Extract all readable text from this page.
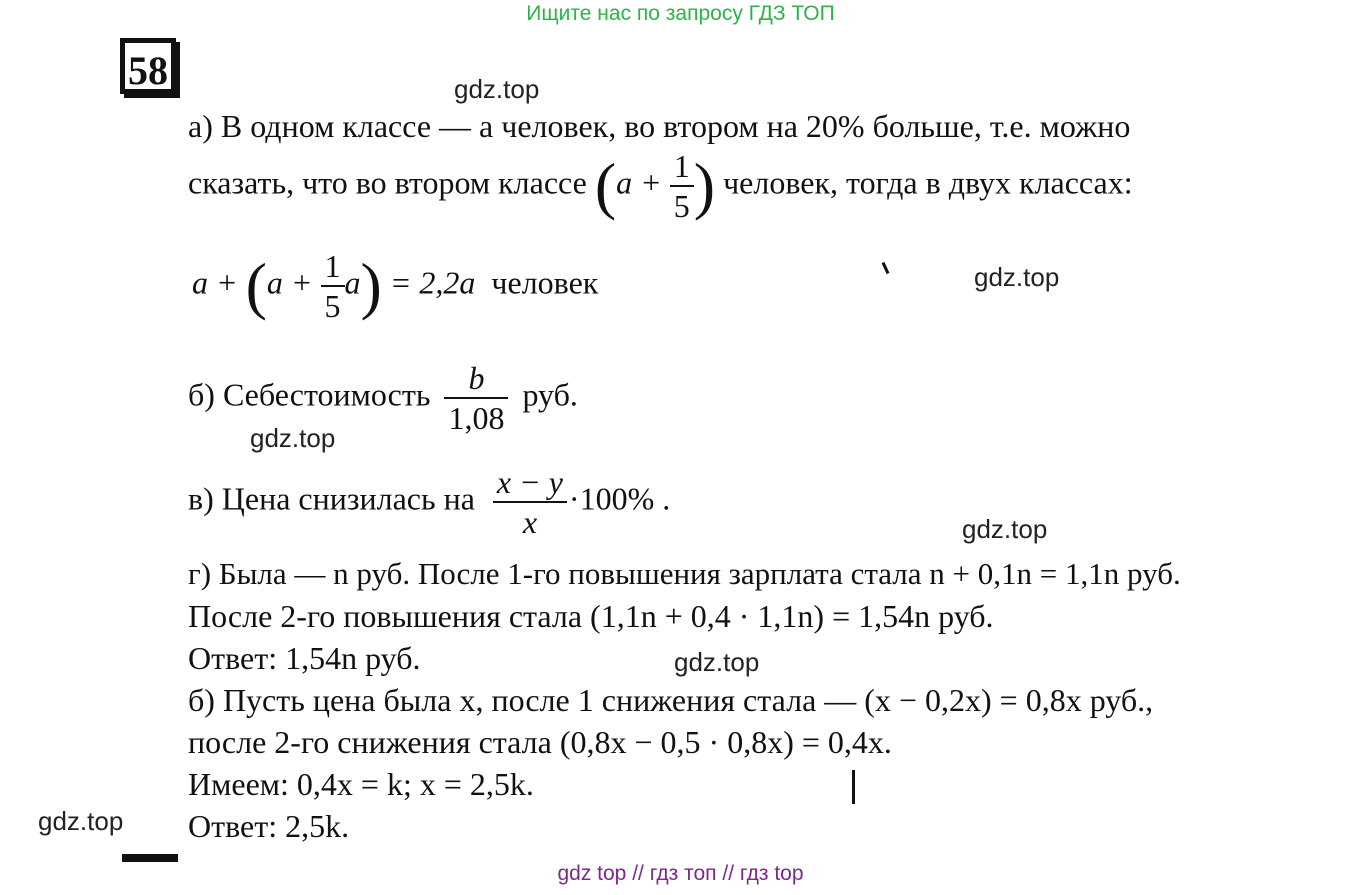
Ищите нас по запросу ГДЗ ТОП
gdz top // гдз топ // гдз top
58	gdz.top
gdz.top
gdz.top
gdz.top
gdz.top
gdz.top
а) В одном классе — а человек, во втором на 20% больше, т.е. можно
сказать, что во втором классе ($a + \frac{1}{5}$ ) человек, тогда в двух классах:
$a + (a + \frac{1}{5} a) = 2,2a$ человек
б) Себестоимость $\frac{b}{1,08}$ руб.
в) Цена снизилась на $\frac{x - y}{x} \cdot 100\%$ .
г) Была — n руб. После 1-го повышения зарплата стала n + 0,1n = 1,1n руб.
После 2-го повышения стала (1,1n + 0,4 · 1,1n) = 1,54n руб.
Ответ: 1,54n руб.
б) Пусть цена была x, после 1 снижения стала — (x − 0,2x) = 0,8x руб.,
после 2-го снижения стала (0,8x − 0,5 · 0,8x) = 0,4x.
Имеем: 0,4x = k; x = 2,5k.
Ответ: 2,5k.
